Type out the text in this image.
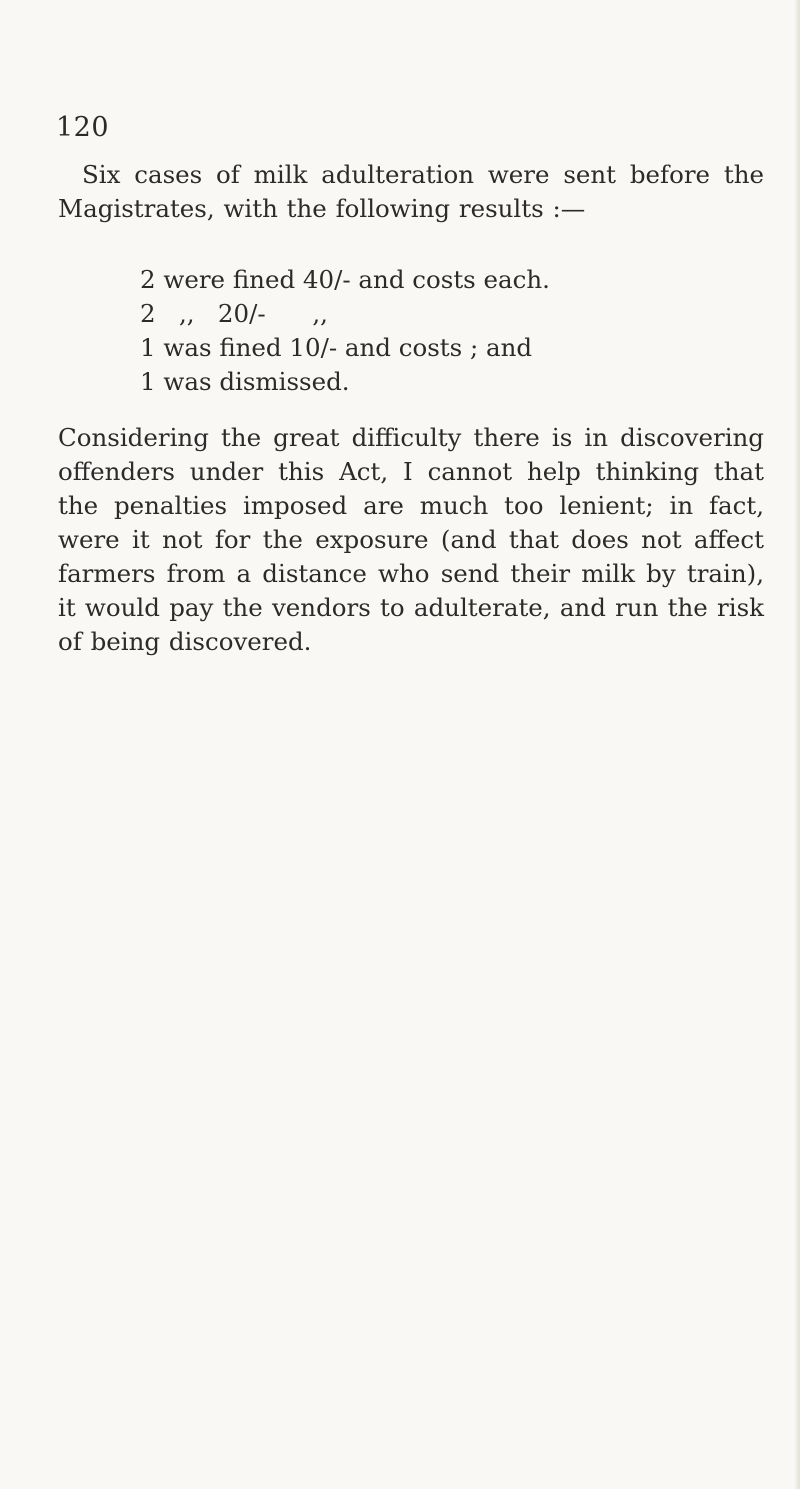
120

Six cases of milk adulteration were sent before the Magistrates, with the following results :—

2 were fined 40/- and costs each.
2   ,,   20/-      ,,
1 was fined 10/- and costs ; and
1 was dismissed.

Considering the great difficulty there is in discovering offenders under this Act, I cannot help thinking that the penalties imposed are much too lenient; in fact, were it not for the exposure (and that does not affect farmers from a distance who send their milk by train), it would pay the vendors to adulterate, and run the risk of being discovered.
